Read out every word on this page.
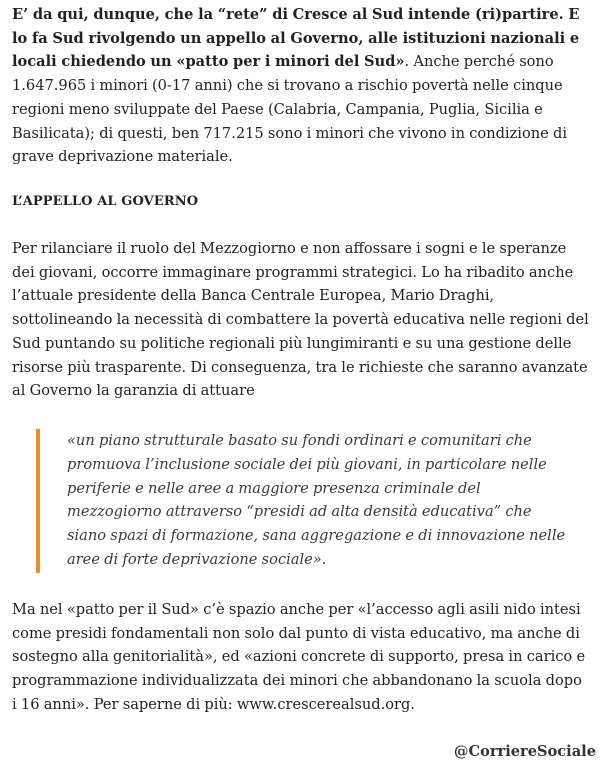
E’ da qui, dunque, che la “rete” di Cresce al Sud intende (ri)partire. E lo fa Sud rivolgendo un appello al Governo, alle istituzioni nazionali e locali chiedendo un «patto per i minori del Sud». Anche perché sono 1.647.965 i minori (0-17 anni) che si trovano a rischio povertà nelle cinque regioni meno sviluppate del Paese (Calabria, Campania, Puglia, Sicilia e Basilicata); di questi, ben 717.215 sono i minori che vivono in condizione di grave deprivazione materiale.

L’APPELLO AL GOVERNO

Per rilanciare il ruolo del Mezzogiorno e non affossare i sogni e le speranze dei giovani, occorre immaginare programmi strategici. Lo ha ribadito anche l’attuale presidente della Banca Centrale Europea, Mario Draghi, sottolineando la necessità di combattere la povertà educativa nelle regioni del Sud puntando su politiche regionali più lungimiranti e su una gestione delle risorse più trasparente. Di conseguenza, tra le richieste che saranno avanzate al Governo la garanzia di attuare

«un piano strutturale basato su fondi ordinari e comunitari che promuova l’inclusione sociale dei più giovani, in particolare nelle periferie e nelle aree a maggiore presenza criminale del mezzogiorno attraverso “presidi ad alta densità educativa” che siano spazi di formazione, sana aggregazione e di innovazione nelle aree di forte deprivazione sociale».

Ma nel «patto per il Sud» c’è spazio anche per «l’accesso agli asili nido intesi come presidi fondamentali non solo dal punto di vista educativo, ma anche di sostegno alla genitorialità», ed «azioni concrete di supporto, presa in carico e programmazione individualizzata dei minori che abbandonano la scuola dopo i 16 anni». Per saperne di più: www.crescerealsud.org.

@CorriereSociale
